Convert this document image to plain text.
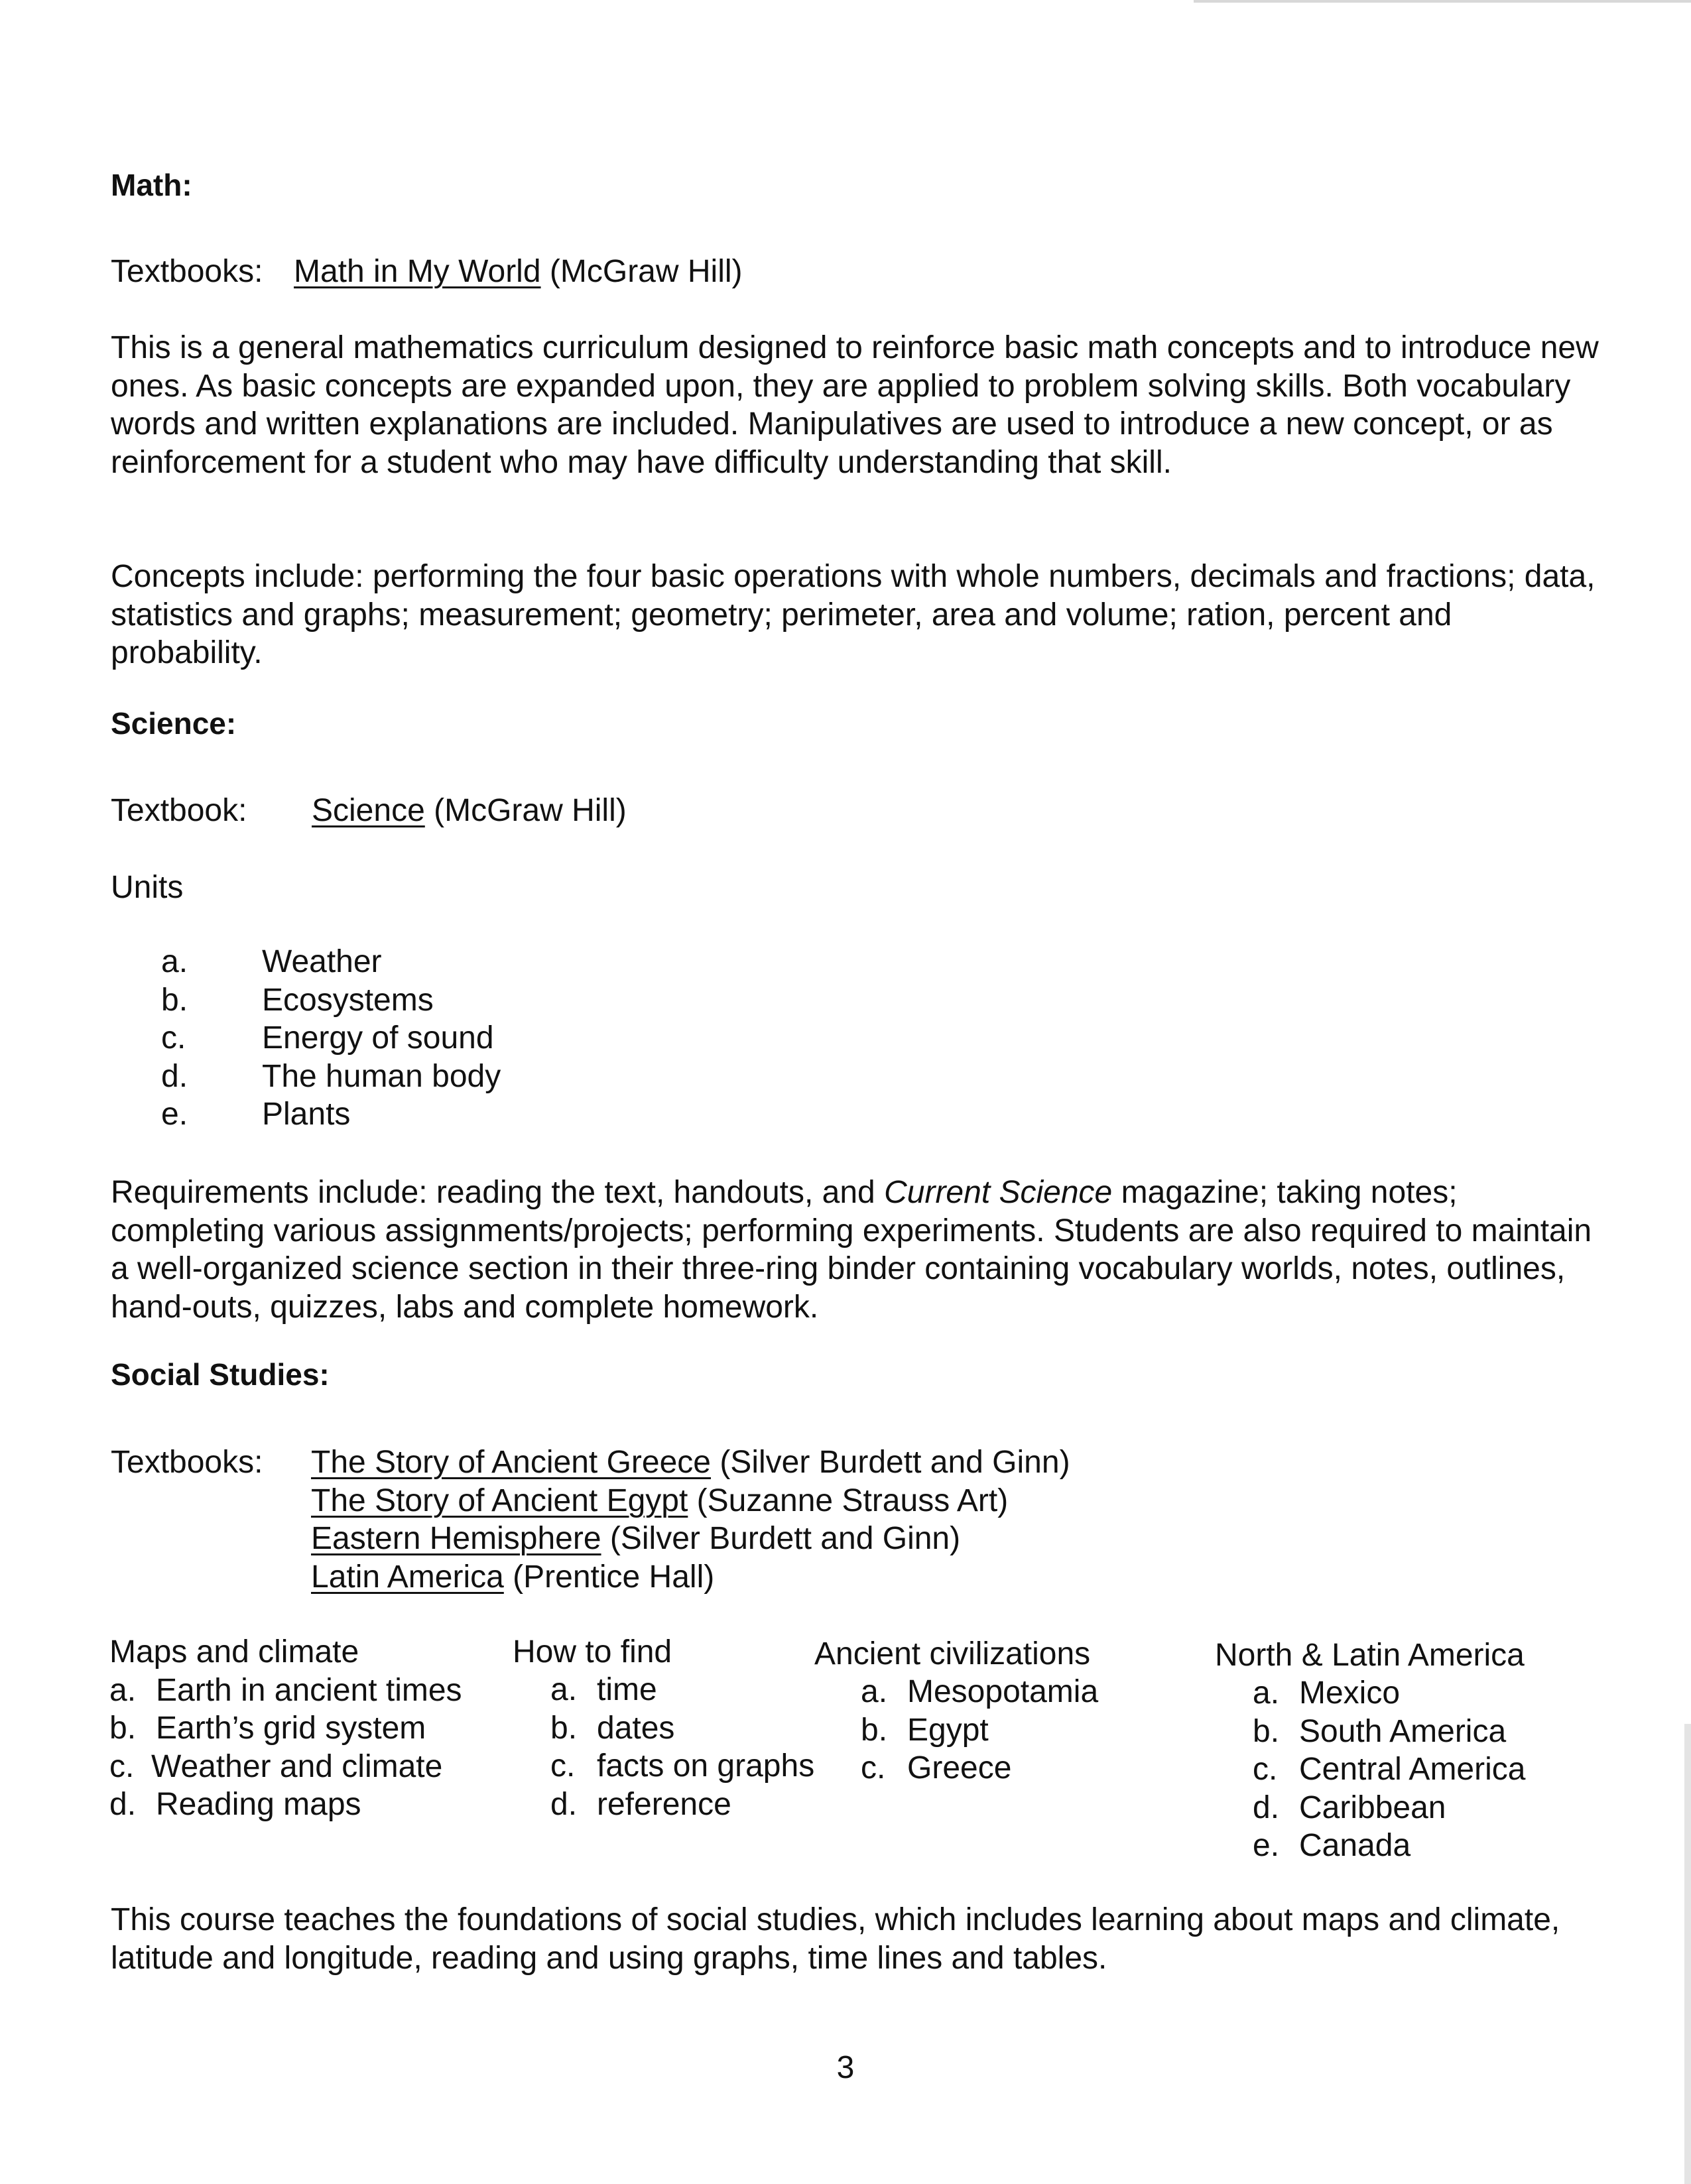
Math:
Textbooks: Math in My World (McGraw Hill)

This is a general mathematics curriculum designed to reinforce basic math concepts and to introduce new ones. As basic concepts are expanded upon, they are applied to problem solving skills. Both vocabulary words and written explanations are included. Manipulatives are used to introduce a new concept, or as reinforcement for a student who may have difficulty understanding that skill.

Concepts include: performing the four basic operations with whole numbers, decimals and fractions; data, statistics and graphs; measurement; geometry; perimeter, area and volume; ration, percent and probability.

Science:
Textbook: Science (McGraw Hill)
Units
a. Weather
b. Ecosystems
c. Energy of sound
d. The human body
e. Plants

Requirements include: reading the text, handouts, and Current Science magazine; taking notes; completing various assignments/projects; performing experiments. Students are also required to maintain a well-organized science section in their three-ring binder containing vocabulary worlds, notes, outlines, hand-outs, quizzes, labs and complete homework.

Social Studies:
Textbooks: The Story of Ancient Greece (Silver Burdett and Ginn)
The Story of Ancient Egypt (Suzanne Strauss Art)
Eastern Hemisphere (Silver Burdett and Ginn)
Latin America (Prentice Hall)
Maps and climate
a. Earth in ancient times
b. Earth’s grid system
c. Weather and climate
d. Reading maps
How to find
a. time
b. dates
c. facts on graphs
d. reference
Ancient civilizations
a. Mesopotamia
b. Egypt
c. Greece
North & Latin America
a. Mexico
b. South America
c. Central America
d. Caribbean
e. Canada

This course teaches the foundations of social studies, which includes learning about maps and climate, latitude and longitude, reading and using graphs, time lines and tables.

3
